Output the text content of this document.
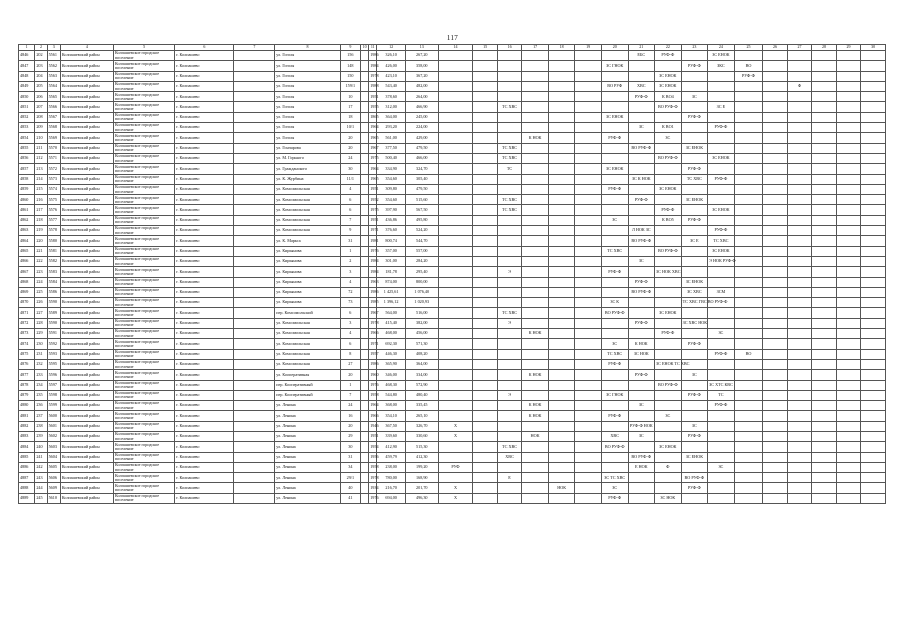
117
1	2	3	4	5	6	7	8	9	10	11	12	13	14	15	16	17	18	19	20	21	22	23	24	25	26	27	28	29	30
4846	202	5561	Колпашевский район	Колпашевское городское поселение	г. Колпашево		ул. Гоголя	156		1986	326,10	267,20								ЕБС	РУФ-Ф		ЗС ЕНОК						
4847	203	5562	Колпашевский район	Колпашевское городское поселение	г. Колпашево		ул. Гоголя	148		1984	426,00	358,00							ЗС ГНОК			РУФ-Ф	ЗКС	ВО					
4848	204	5563	Колпашевский район	Колпашевское городское поселение	г. Колпашево		ул. Гоголя	150		1978	423,10	367,20									ЗС ЕНОК			РУФ-Ф					
4849	205	5564	Колпашевский район	Колпашевское городское поселение	г. Колпашево		ул. Гоголя	159/1		1988	543,40	482,00							ВО РУФ	ХВС	ЗС ЕНОК					Ф			
4850	206	5565	Колпашевский район	Колпашевское городское поселение	г. Колпашево		ул. Гоголя	10		1951	378,60	264,00								РУФ-Ф	К ВО4	ЗС							
4851	207	5566	Колпашевский район	Колпашевское городское поселение	г. Колпашево		ул. Гоголя	17		1955	312,00	466,90			ТС ХВС						ВО РУФ-Ф		ЗС Е						
4852	208	5567	Колпашевский район	Колпашевское городское поселение	г. Колпашево		ул. Гоголя	18		1865	364,00	245,00							ЗС ЕНОК			РУФ-Ф							
4853	209	5568	Колпашевский район	Колпашевское городское поселение	г. Колпашево		ул. Гоголя	10/1		1964	293,20	224,00								ЗС	К ВО1		РУФ-Ф						
4854	210	5569	Колпашевский район	Колпашевское городское поселение	г. Колпашево		ул. Гоголя	20		1965	561,00	429,00				К НОК			РУФ-Ф		ЗС								
4855	211	5570	Колпашевский район	Колпашевское городское поселение	г. Колпашево		ул. Гончарова	20		1967	377,50	479,50			ТС ХВС					ВО РУФ-Ф		ЗС ЕНОК							
4856	212	5571	Колпашевский район	Колпашевское городское поселение	г. Колпашево		ул. М. Горького	24		1975	500,40	466,00			ТС ХВС						ВО РУФ-Ф		ЗС ЕНОК						
4857	213	5572	Колпашевский район	Колпашевское городское поселение	г. Колпашево		ул. Гражданского	30		1964	334,90	324,70			ТС				ЗС ЕНОК			РУФ-Ф							
4858	214	5573	Колпашевский район	Колпашевское городское поселение	г. Колпашево		ул. К. Журбина	11/1		1965	354,60	305,40								ЗС К НОК		ТС ХВС	РУФ-Ф						
4859	215	5574	Колпашевский район	Колпашевское городское поселение	г. Колпашево		ул. Комсомольская	4		1951	309,80	479,50							РУФ-Ф		ЗС ЕНОК								
4860	216	5575	Колпашевский район	Колпашевское городское поселение	г. Колпашево		ул. Комсомольская	6		1952	354,60	515,60			ТС ХВС					РУФ-Ф		ЗС ЕНОК							
4861	217	5576	Колпашевский район	Колпашевское городское поселение	г. Колпашево		ул. Комсомольская	6		1975	397,90	567,50			ТС ХВС						РУФ-Ф		ЗС ЕНОК						
4862	218	5577	Колпашевский район	Колпашевское городское поселение	г. Колпашево		ул. Комсомольская	7		1951	436,86	495,80							ЗС		К ВО5	РУФ-Ф							
4863	219	5578	Колпашевский район	Колпашевское городское поселение	г. Колпашево		ул. Комсомольская	9		1971	376,60	524,20								Л НОК ЗС			РУФ-Ф						
4864	220	5580	Колпашевский район	Колпашевское городское поселение	г. Колпашево		ул. К. Маркса	31		1981	800,74	544,70								ВО РУФ-Ф		ЗС Е	ТС ХВС						
4865	221	5581	Колпашевский район	Колпашевское городское поселение	г. Колпашево		ул. Кирьянова	1		1976	357,00	557,00							ТС ХВС		ВО РУФ-Ф		ЗС ЕНОК						
4866	222	5582	Колпашевский район	Колпашевское городское поселение	г. Колпашево		ул. Кирьянова	2		1984	301,00	284,20								ЗС			Э НОК РУФ-Ф						
4867	223	5583	Колпашевский район	Колпашевское городское поселение	г. Колпашево		ул. Кирьянова	3		1984	181,78	295,40			Э				РУФ-Ф		ЗС НОК ХВС								
4868	224	5584	Колпашевский район	Колпашевское городское поселение	г. Колпашево		ул. Кирьянова	4		1963	874,00	800,00								РУФ-Ф		ЗС ЕНОК							
4869	225	5586	Колпашевский район	Колпашевское городское поселение	г. Колпашево		ул. Кирьянова	72		1986	1 425,61	1 076,40								ВО РУФ-Ф		ЗС ХВС	ЗСМ						
4870	226	5590	Колпашевский район	Колпашевское городское поселение	г. Колпашево		ул. Кирьянова	73		1985	1 396,12	1 020,93							ЗС К			ТС ХВС ГВС ВО РУФ-Ф							
4871	227	5589	Колпашевский район	Колпашевское городское поселение	г. Колпашево		пер. Комсомольский	6		1967	564,00	516,00			ТС ХВС				ВО РУФ-Ф		ЗС ЕНОК								
4872	228	5590	Колпашевский район	Колпашевское городское поселение	г. Колпашево		ул. Комсомольская	3		1978	415,40	382,00			Э					РУФ-Ф		ЗС ХВС НОК							
4873	229	5591	Колпашевский район	Колпашевское городское поселение	г. Колпашево		ул. Комсомольская	4		1966	468,00	456,00				К НОК					РУФ-Ф		ЗС						
4874	230	5592	Колпашевский район	Колпашевское городское поселение	г. Колпашево		ул. Комсомольская	6		1971	692,30	571,30							ЗС	К НОК		РУФ-Ф							
4875	231	5593	Колпашевский район	Колпашевское городское поселение	г. Колпашево		ул. Комсомольская	8		1957	446,30	408,20							ТС ХВС	ЗС НОК			РУФ-Ф	ВО					
4876	232	5595	Колпашевский район	Колпашевское городское поселение	г. Колпашево		ул. Комсомольская	27		1986	365,90	364,00							РУФ-Ф		ЗС ЕНОК ТС ХВС								
4877	233	5596	Колпашевский район	Колпашевское городское поселение	г. Колпашево		ул. Кооперативная	20		1960	346,00	334,00				К НОК				РУФ-Ф		ЗС							
4878	234	5597	Колпашевский район	Колпашевское городское поселение	г. Колпашево		пер. Кооперативный	1		1976	468,30	572,90									ВО РУФ-Ф		ЗС ХТС КВС						
4879	235	5598	Колпашевский район	Колпашевское городское поселение	г. Колпашево		пер. Кооперативный	7		1958	544,80	480,40			Э				ЗС ГНОК			РУФ-Ф	ТС						
4880	236	5599	Колпашевский район	Колпашевское городское поселение	г. Колпашево		ул. Ленина	24		1964	368,00	335,45				К НОК				ЗС			РУФ-Ф						
4881	237	5600	Колпашевский район	Колпашевское городское поселение	г. Колпашево		ул. Ленина	16		1966	354,10	265,10				К НОК			РУФ-Ф		ЗС								
4882	238	5601	Колпашевский район	Колпашевское городское поселение	г. Колпашево		ул. Ленина	20		1946	367,50	326,70	Х							РУФ-Ф НОК		ЗС							
4883	239	5602	Колпашевский район	Колпашевское городское поселение	г. Колпашево		ул. Ленина	29		1951	339,60	330,60	Х			НОК			ХВС	ЗС		РУФ-Ф							
4884	240	5603	Колпашевский район	Колпашевское городское поселение	г. Колпашево		ул. Ленина	30		1954	412,90	515,30			ТС ХВС				ВО РУФ-Ф		ЗС ЕНОК								
4885	241	5604	Колпашевский район	Колпашевское городское поселение	г. Колпашево		ул. Ленина	31		1956	459,79	412,30			ХВС					ВО РУФ-Ф		ЗС ЕНОК							
4886	242	5605	Колпашевский район	Колпашевское городское поселение	г. Колпашево		ул. Ленина	34		1958	238,00	199,20	РУФ							Е НОК	Ф		ЗС						
4887	243	5606	Колпашевский район	Колпашевское городское поселение	г. Колпашево		ул. Ленина	29/1		1978	780,00	168,90			Е				ЗС ТС ХВС			ВО РУФ-Ф							
4888	244	5609	Колпашевский район	Колпашевское городское поселение	г. Колпашево		ул. Ленина	40		1934	216,70	201,70	Х				НОК		ЗС			РУФ-Ф							
4889	245	5610	Колпашевский район	Колпашевское городское поселение	г. Колпашево		ул. Ленина	41		1976	694,00	496,30	Х						РУФ-Ф		ЗС НОК								
